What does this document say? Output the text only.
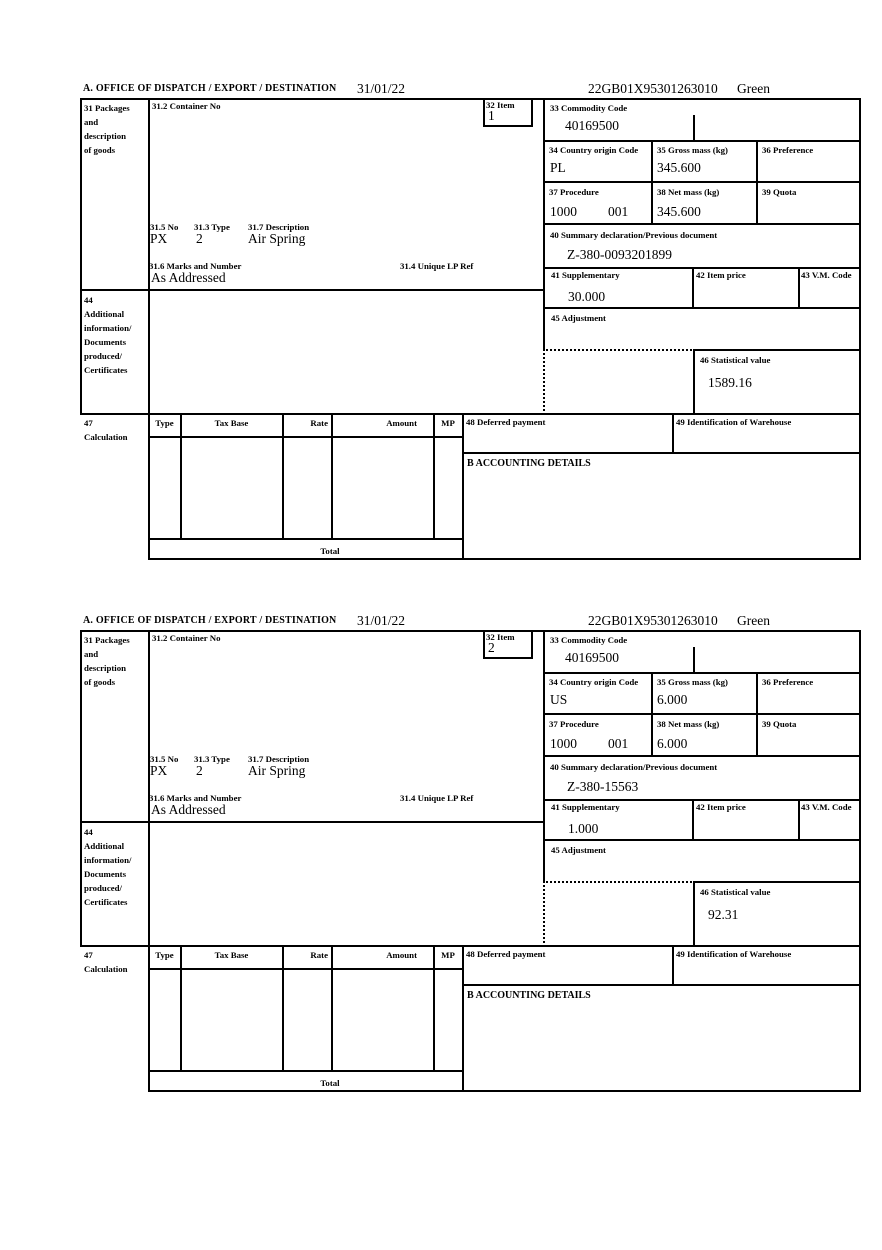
A. OFFICE OF DISPATCH / EXPORT / DESTINATION 31/01/22	22GB01X95301263010 Green
31 Packages
and
description
of goods
31.2 Container No	32 Item
1	33 Commodity Code
40169500
34 Country origin Code
PL
35 Gross mass (kg)
345.600
36 Preference
37 Procedure
1000 001
38 Net mass (kg)
345.600
39 Quota
40 Summary declaration/Previous document
Z-380-0093201899
31.5 No 31.3 Type 31.7 Description
PX 2	Air Spring
31.6 Marks and Number	31.4 Unique LP Ref
As Addressed	41 Supplementary
30.000
42 Item price	43 V.M. Code
44
Additional
information/
Documents
produced/
Certificates
45 Adjustment
46 Statistical value
1589.16
47
Calculation
Type	Tax Base	Rate	Amount	MP
Total
48 Deferred payment	49 Identification of Warehouse
B ACCOUNTING DETAILS
A. OFFICE OF DISPATCH / EXPORT / DESTINATION 31/01/22	22GB01X95301263010 Green
31 Packages
and
description
of goods
31.2 Container No	32 Item
2	33 Commodity Code
40169500
34 Country origin Code
US
35 Gross mass (kg)
6.000
36 Preference
37 Procedure
1000 001
38 Net mass (kg)
6.000
39 Quota
40 Summary declaration/Previous document
Z-380-15563
31.5 No 31.3 Type 31.7 Description
PX 2	Air Spring
31.6 Marks and Number	31.4 Unique LP Ref
As Addressed	41 Supplementary
1.000
42 Item price	43 V.M. Code
44
Additional
information/
Documents
produced/
Certificates
45 Adjustment
46 Statistical value
92.31
47
Calculation
Type	Tax Base	Rate	Amount	MP
Total
48 Deferred payment	49 Identification of Warehouse
B ACCOUNTING DETAILS
